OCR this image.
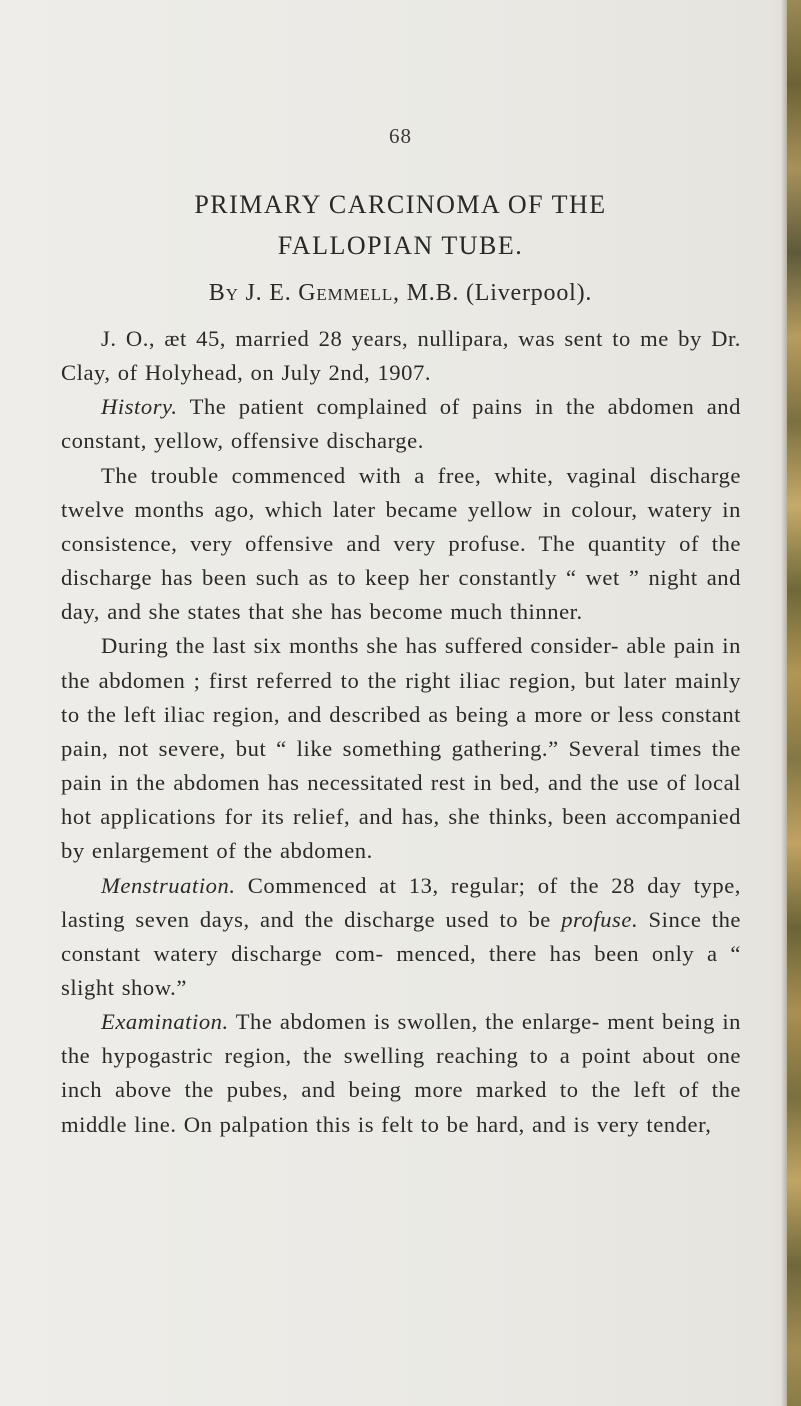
68
PRIMARY CARCINOMA OF THE
FALLOPIAN TUBE.
By J. E. Gemmell, M.B. (Liverpool).

J. O., æt 45, married 28 years, nullipara, was sent to me by Dr. Clay, of Holyhead, on July 2nd, 1907.

History. The patient complained of pains in the abdomen and constant, yellow, offensive discharge.

The trouble commenced with a free, white, vaginal discharge twelve months ago, which later became yellow in colour, watery in consistence, very offensive and very profuse. The quantity of the discharge has been such as to keep her constantly “ wet ” night and day, and she states that she has become much thinner.

During the last six months she has suffered consider- able pain in the abdomen ; first referred to the right iliac region, but later mainly to the left iliac region, and described as being a more or less constant pain, not severe, but “ like something gathering.” Several times the pain in the abdomen has necessitated rest in bed, and the use of local hot applications for its relief, and has, she thinks, been accompanied by enlargement of the abdomen.

Menstruation. Commenced at 13, regular; of the 28 day type, lasting seven days, and the discharge used to be profuse. Since the constant watery discharge com- menced, there has been only a “ slight show.”

Examination. The abdomen is swollen, the enlarge- ment being in the hypogastric region, the swelling reaching to a point about one inch above the pubes, and being more marked to the left of the middle line. On palpation this is felt to be hard, and is very tender,
